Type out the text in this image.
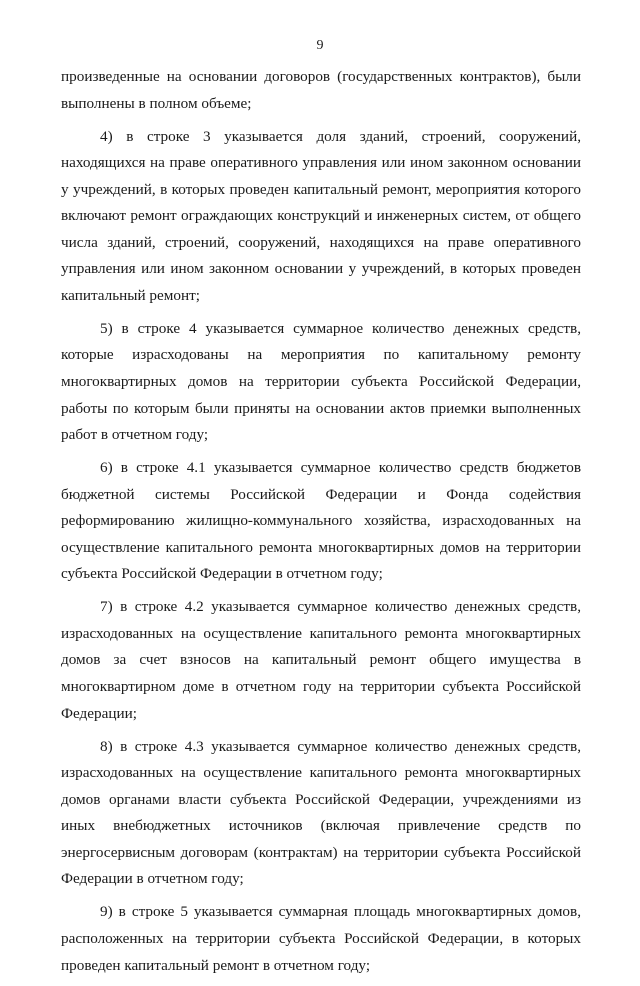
9

произведенные на основании договоров (государственных контрактов), были выполнены в полном объеме;

4) в строке 3 указывается доля зданий, строений, сооружений, находящихся на праве оперативного управления или ином законном основании у учреждений, в которых проведен капитальный ремонт, мероприятия которого включают ремонт ограждающих конструкций и инженерных систем, от общего числа зданий, строений, сооружений, находящихся на праве оперативного управления или ином законном основании у учреждений, в которых проведен капитальный ремонт;

5) в строке 4 указывается суммарное количество денежных средств, которые израсходованы на мероприятия по капитальному ремонту многоквартирных домов на территории субъекта Российской Федерации, работы по которым были приняты на основании актов приемки выполненных работ в отчетном году;

6) в строке 4.1 указывается суммарное количество средств бюджетов бюджетной системы Российской Федерации и Фонда содействия реформированию жилищно-коммунального хозяйства, израсходованных на осуществление капитального ремонта многоквартирных домов на территории субъекта Российской Федерации в отчетном году;

7) в строке 4.2 указывается суммарное количество денежных средств, израсходованных на осуществление капитального ремонта многоквартирных домов за счет взносов на капитальный ремонт общего имущества в многоквартирном доме в отчетном году на территории субъекта Российской Федерации;

8) в строке 4.3 указывается суммарное количество денежных средств, израсходованных на осуществление капитального ремонта многоквартирных домов органами власти субъекта Российской Федерации, учреждениями из иных внебюджетных источников (включая привлечение средств по энергосервисным договорам (контрактам) на территории субъекта Российской Федерации в отчетном году;

9) в строке 5 указывается суммарная площадь многоквартирных домов, расположенных на территории субъекта Российской Федерации, в которых проведен капитальный ремонт в отчетном году;
